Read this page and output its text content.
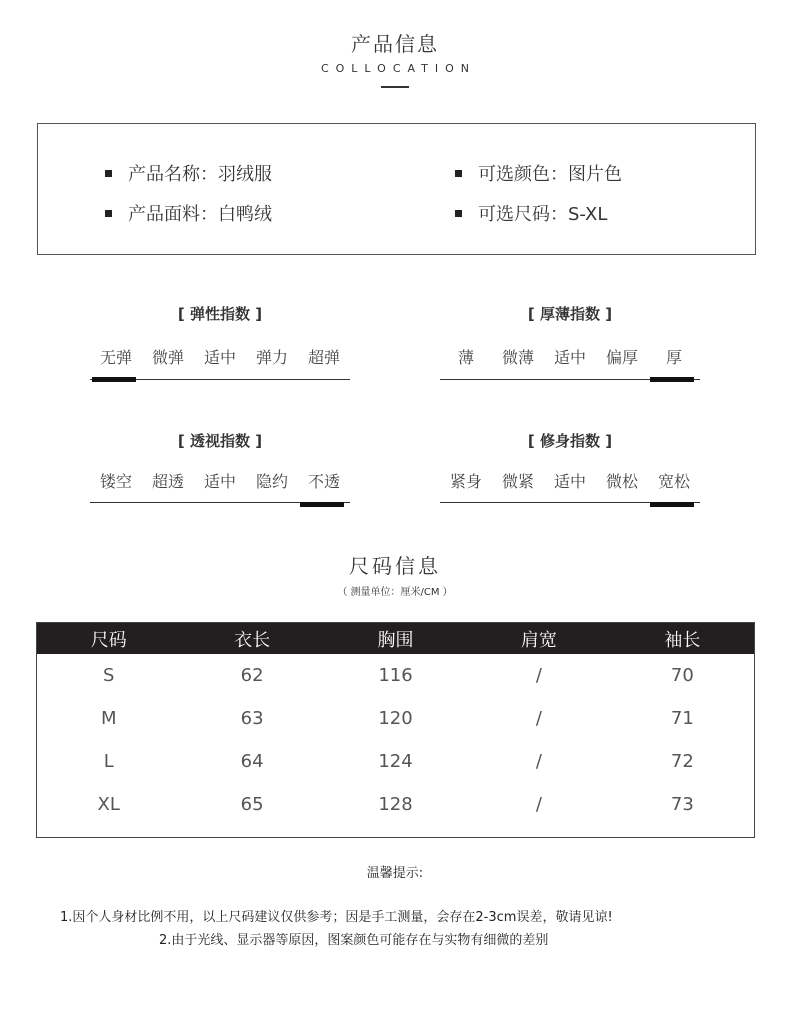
产品信息
COLLOCATION
产品名称：羽绒服
产品面料：白鸭绒
可选颜色：图片色
可选尺码：S-XL
[ 弹性指数 ]
无弹	微弹	适中	弹力	超弹
[ 厚薄指数 ]
薄	微薄	适中	偏厚	厚
[ 透视指数 ]
镂空	超透	适中	隐约	不透
[ 修身指数 ]
紧身	微紧	适中	微松	宽松
尺码信息
（ 测量单位：厘米/CM ）
尺码	衣长	胸围	肩宽	袖长
S	62	116	/	70
M	63	120	/	71
L	64	124	/	72
XL	65	128	/	73
温馨提示:
1.因个人身材比例不用，以上尺码建议仅供参考；因是手工测量，会存在2-3cm误差，敬请见谅!
2.由于光线、显示器等原因，图案颜色可能存在与实物有细微的差别
